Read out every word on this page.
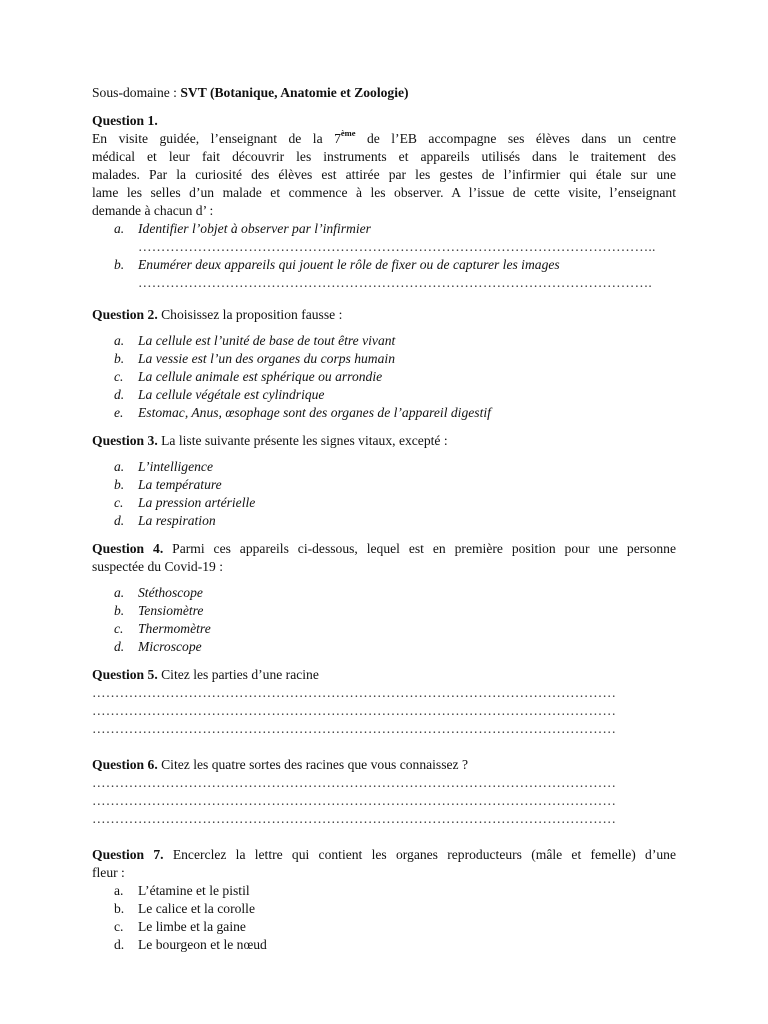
Sous-domaine : SVT (Botanique, Anatomie et Zoologie)
Question 1.
En visite guidée, l’enseignant de la 7ème de l’EB accompagne ses élèves dans un centre
médical et leur fait découvrir les instruments et appareils utilisés dans le traitement des
malades. Par la curiosité des élèves est attirée par les gestes de l’infirmier qui étale sur une
lame les selles d’un malade et commence à les observer. A l’issue de cette visite, l’enseignant
demande à chacun d’ :
a. Identifier l’objet à observer par l’infirmier
…………………………………………………………………………………………………..
b. Enumérer deux appareils qui jouent le rôle de fixer ou de capturer les images
………………………………………………………………………………………………….
Question 2. Choisissez la proposition fausse :
a. La cellule est l’unité de base de tout être vivant
b. La vessie est l’un des organes du corps humain
c. La cellule animale est sphérique ou arrondie
d. La cellule végétale est cylindrique
e. Estomac, Anus, œsophage sont des organes de l’appareil digestif
Question 3. La liste suivante présente les signes vitaux, excepté :
a. L’intelligence
b. La température
c. La pression artérielle
d. La respiration
Question 4. Parmi ces appareils ci-dessous, lequel est en première position pour une personne
suspectée du Covid-19 :
a. Stéthoscope
b. Tensiomètre
c. Thermomètre
d. Microscope
Question 5. Citez les parties d’une racine
……………………………………………………………………………………………………
……………………………………………………………………………………………………
……………………………………………………………………………………………………
Question 6. Citez les quatre sortes des racines que vous connaissez ?
……………………………………………………………………………………………………
……………………………………………………………………………………………………
……………………………………………………………………………………………………
Question 7. Encerclez la lettre qui contient les organes reproducteurs (mâle et femelle) d’une
fleur :
a. L’étamine et le pistil
b. Le calice et la corolle
c. Le limbe et la gaine
d. Le bourgeon et le nœud
